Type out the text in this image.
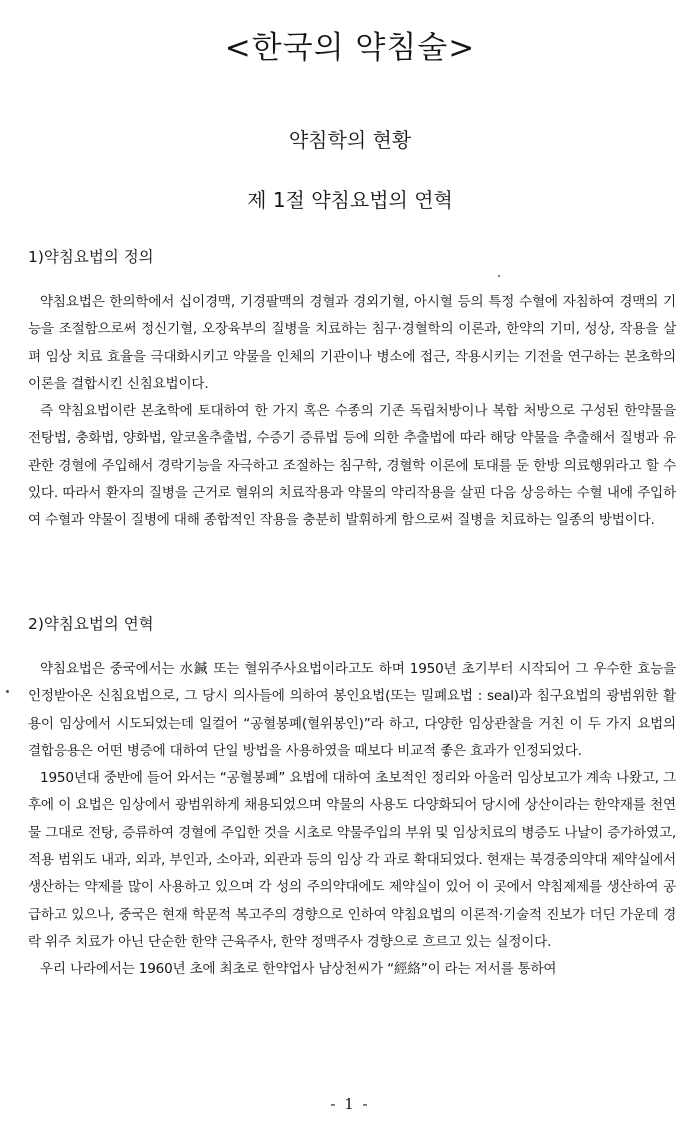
<한국의 약침술>
약침학의 현황
제 1절 약침요법의 연혁
1)약침요법의 정의

약침요법은 한의학에서 십이경맥, 기경팔맥의 경혈과 경외기혈, 아시혈 등의 특정 수혈에 자침하여 경맥의 기능을 조절함으로써 정신기혈, 오장육부의 질병을 치료하는 침구·경혈학의 이론과, 한약의 기미, 성상, 작용을 살펴 임상 치료 효율을 극대화시키고 약물을 인체의 기관이나 병소에 접근, 작용시키는 기전을 연구하는 본초학의 이론을 결합시킨 신침요법이다.

즉 약침요법이란 본초학에 토대하여 한 가지 혹은 수종의 기존 독립처방이나 복합 처방으로 구성된 한약물을 전탕법, 충화법, 양화법, 알코올추출법, 수증기 증류법 등에 의한 추출법에 따라 해당 약물을 추출해서 질병과 유관한 경혈에 주입해서 경락기능을 자극하고 조절하는 침구학, 경혈학 이론에 토대를 둔 한방 의료행위라고 할 수 있다. 따라서 환자의 질병을 근거로 혈위의 치료작용과 약물의 약리작용을 살핀 다음 상응하는 수혈 내에 주입하여 수혈과 약물이 질병에 대해 종합적인 작용을 충분히 발휘하게 함으로써 질병을 치료하는 일종의 방법이다.

2)약침요법의 연혁

약침요법은 중국에서는 水鍼 또는 혈위주사요법이라고도 하며 1950년 초기부터 시작되어 그 우수한 효능을 인정받아온 신침요법으로, 그 당시 의사들에 의하여 봉인요법(또는 밀폐요법 : seal)과 침구요법의 광범위한 활용이 임상에서 시도되었는데 일컬어 “공혈봉폐(혈위봉인)”라 하고, 다양한 임상관찰을 거친 이 두 가지 요법의 결합응용은 어떤 병증에 대하여 단일 방법을 사용하였을 때보다 비교적 좋은 효과가 인정되었다.

1950년대 중반에 들어 와서는 “공혈봉폐” 요법에 대하여 초보적인 정리와 아울러 임상보고가 계속 나왔고, 그 후에 이 요법은 임상에서 광범위하게 채용되었으며 약물의 사용도 다양화되어 당시에 상산이라는 한약재를 천연물 그대로 전탕, 증류하여 경혈에 주입한 것을 시초로 약물주입의 부위 및 임상치료의 병증도 나날이 증가하였고, 적용 범위도 내과, 외과, 부인과, 소아과, 외관과 등의 임상 각 과로 확대되었다. 현재는 북경중의약대 제약실에서 생산하는 약제를 많이 사용하고 있으며 각 성의 주의약대에도 제약실이 있어 이 곳에서 약침제제를 생산하여 공급하고 있으나, 중국은 현재 학문적 복고주의 경향으로 인하여 약침요법의 이론적·기술적 진보가 더딘 가운데 경락 위주 치료가 아닌 단순한 한약 근육주사, 한약 정맥주사 경향으로 흐르고 있는 실정이다.

우리 나라에서는 1960년 초에 최초로 한약업사 남상천씨가 “經絡”이 라는 저서를 통하여

- 1 -
